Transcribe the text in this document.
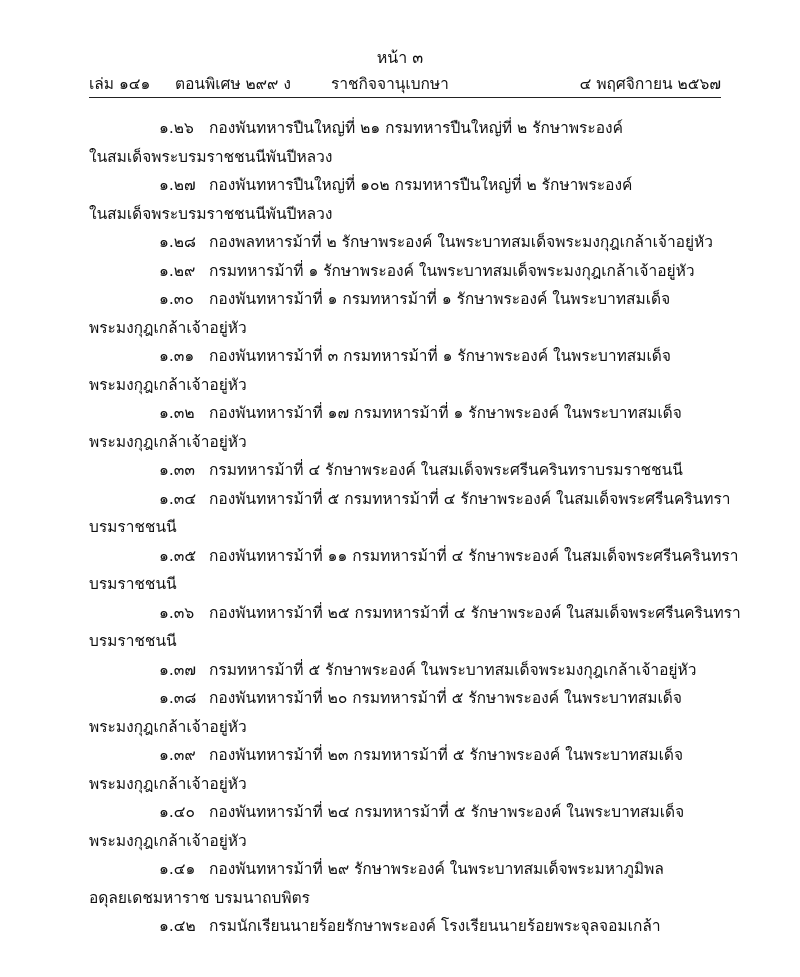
หน้า ๓
เล่ม ๑๔๑ ตอนพิเศษ ๒๙๙ ง	ราชกิจจานุเบกษา	๔ พฤศจิกายน ๒๕๖๗
๑.๒๖ กองพันทหารปืนใหญ่ที่ ๒๑ กรมทหารปืนใหญ่ที่ ๒ รักษาพระองค์
ในสมเด็จพระบรมราชชนนีพันปีหลวง
๑.๒๗ กองพันทหารปืนใหญ่ที่ ๑๐๒ กรมทหารปืนใหญ่ที่ ๒ รักษาพระองค์
ในสมเด็จพระบรมราชชนนีพันปีหลวง
๑.๒๘ กองพลทหารม้าที่ ๒ รักษาพระองค์ ในพระบาทสมเด็จพระมงกุฎเกล้าเจ้าอยู่หัว
๑.๒๙ กรมทหารม้าที่ ๑ รักษาพระองค์ ในพระบาทสมเด็จพระมงกุฎเกล้าเจ้าอยู่หัว
๑.๓๐ กองพันทหารม้าที่ ๑ กรมทหารม้าที่ ๑ รักษาพระองค์ ในพระบาทสมเด็จ
พระมงกุฎเกล้าเจ้าอยู่หัว
๑.๓๑ กองพันทหารม้าที่ ๓ กรมทหารม้าที่ ๑ รักษาพระองค์ ในพระบาทสมเด็จ
พระมงกุฎเกล้าเจ้าอยู่หัว
๑.๓๒ กองพันทหารม้าที่ ๑๗ กรมทหารม้าที่ ๑ รักษาพระองค์ ในพระบาทสมเด็จ
พระมงกุฎเกล้าเจ้าอยู่หัว
๑.๓๓ กรมทหารม้าที่ ๔ รักษาพระองค์ ในสมเด็จพระศรีนครินทราบรมราชชนนี
๑.๓๔ กองพันทหารม้าที่ ๕ กรมทหารม้าที่ ๔ รักษาพระองค์ ในสมเด็จพระศรีนครินทรา
บรมราชชนนี
๑.๓๕ กองพันทหารม้าที่ ๑๑ กรมทหารม้าที่ ๔ รักษาพระองค์ ในสมเด็จพระศรีนครินทรา
บรมราชชนนี
๑.๓๖ กองพันทหารม้าที่ ๒๕ กรมทหารม้าที่ ๔ รักษาพระองค์ ในสมเด็จพระศรีนครินทรา
บรมราชชนนี
๑.๓๗ กรมทหารม้าที่ ๕ รักษาพระองค์ ในพระบาทสมเด็จพระมงกุฎเกล้าเจ้าอยู่หัว
๑.๓๘ กองพันทหารม้าที่ ๒๐ กรมทหารม้าที่ ๕ รักษาพระองค์ ในพระบาทสมเด็จ
พระมงกุฎเกล้าเจ้าอยู่หัว
๑.๓๙ กองพันทหารม้าที่ ๒๓ กรมทหารม้าที่ ๕ รักษาพระองค์ ในพระบาทสมเด็จ
พระมงกุฎเกล้าเจ้าอยู่หัว
๑.๔๐ กองพันทหารม้าที่ ๒๔ กรมทหารม้าที่ ๕ รักษาพระองค์ ในพระบาทสมเด็จ
พระมงกุฎเกล้าเจ้าอยู่หัว
๑.๔๑ กองพันทหารม้าที่ ๒๙ รักษาพระองค์ ในพระบาทสมเด็จพระมหาภูมิพล
อดุลยเดชมหาราช บรมนาถบพิตร
๑.๔๒ กรมนักเรียนนายร้อยรักษาพระองค์ โรงเรียนนายร้อยพระจุลจอมเกล้า
